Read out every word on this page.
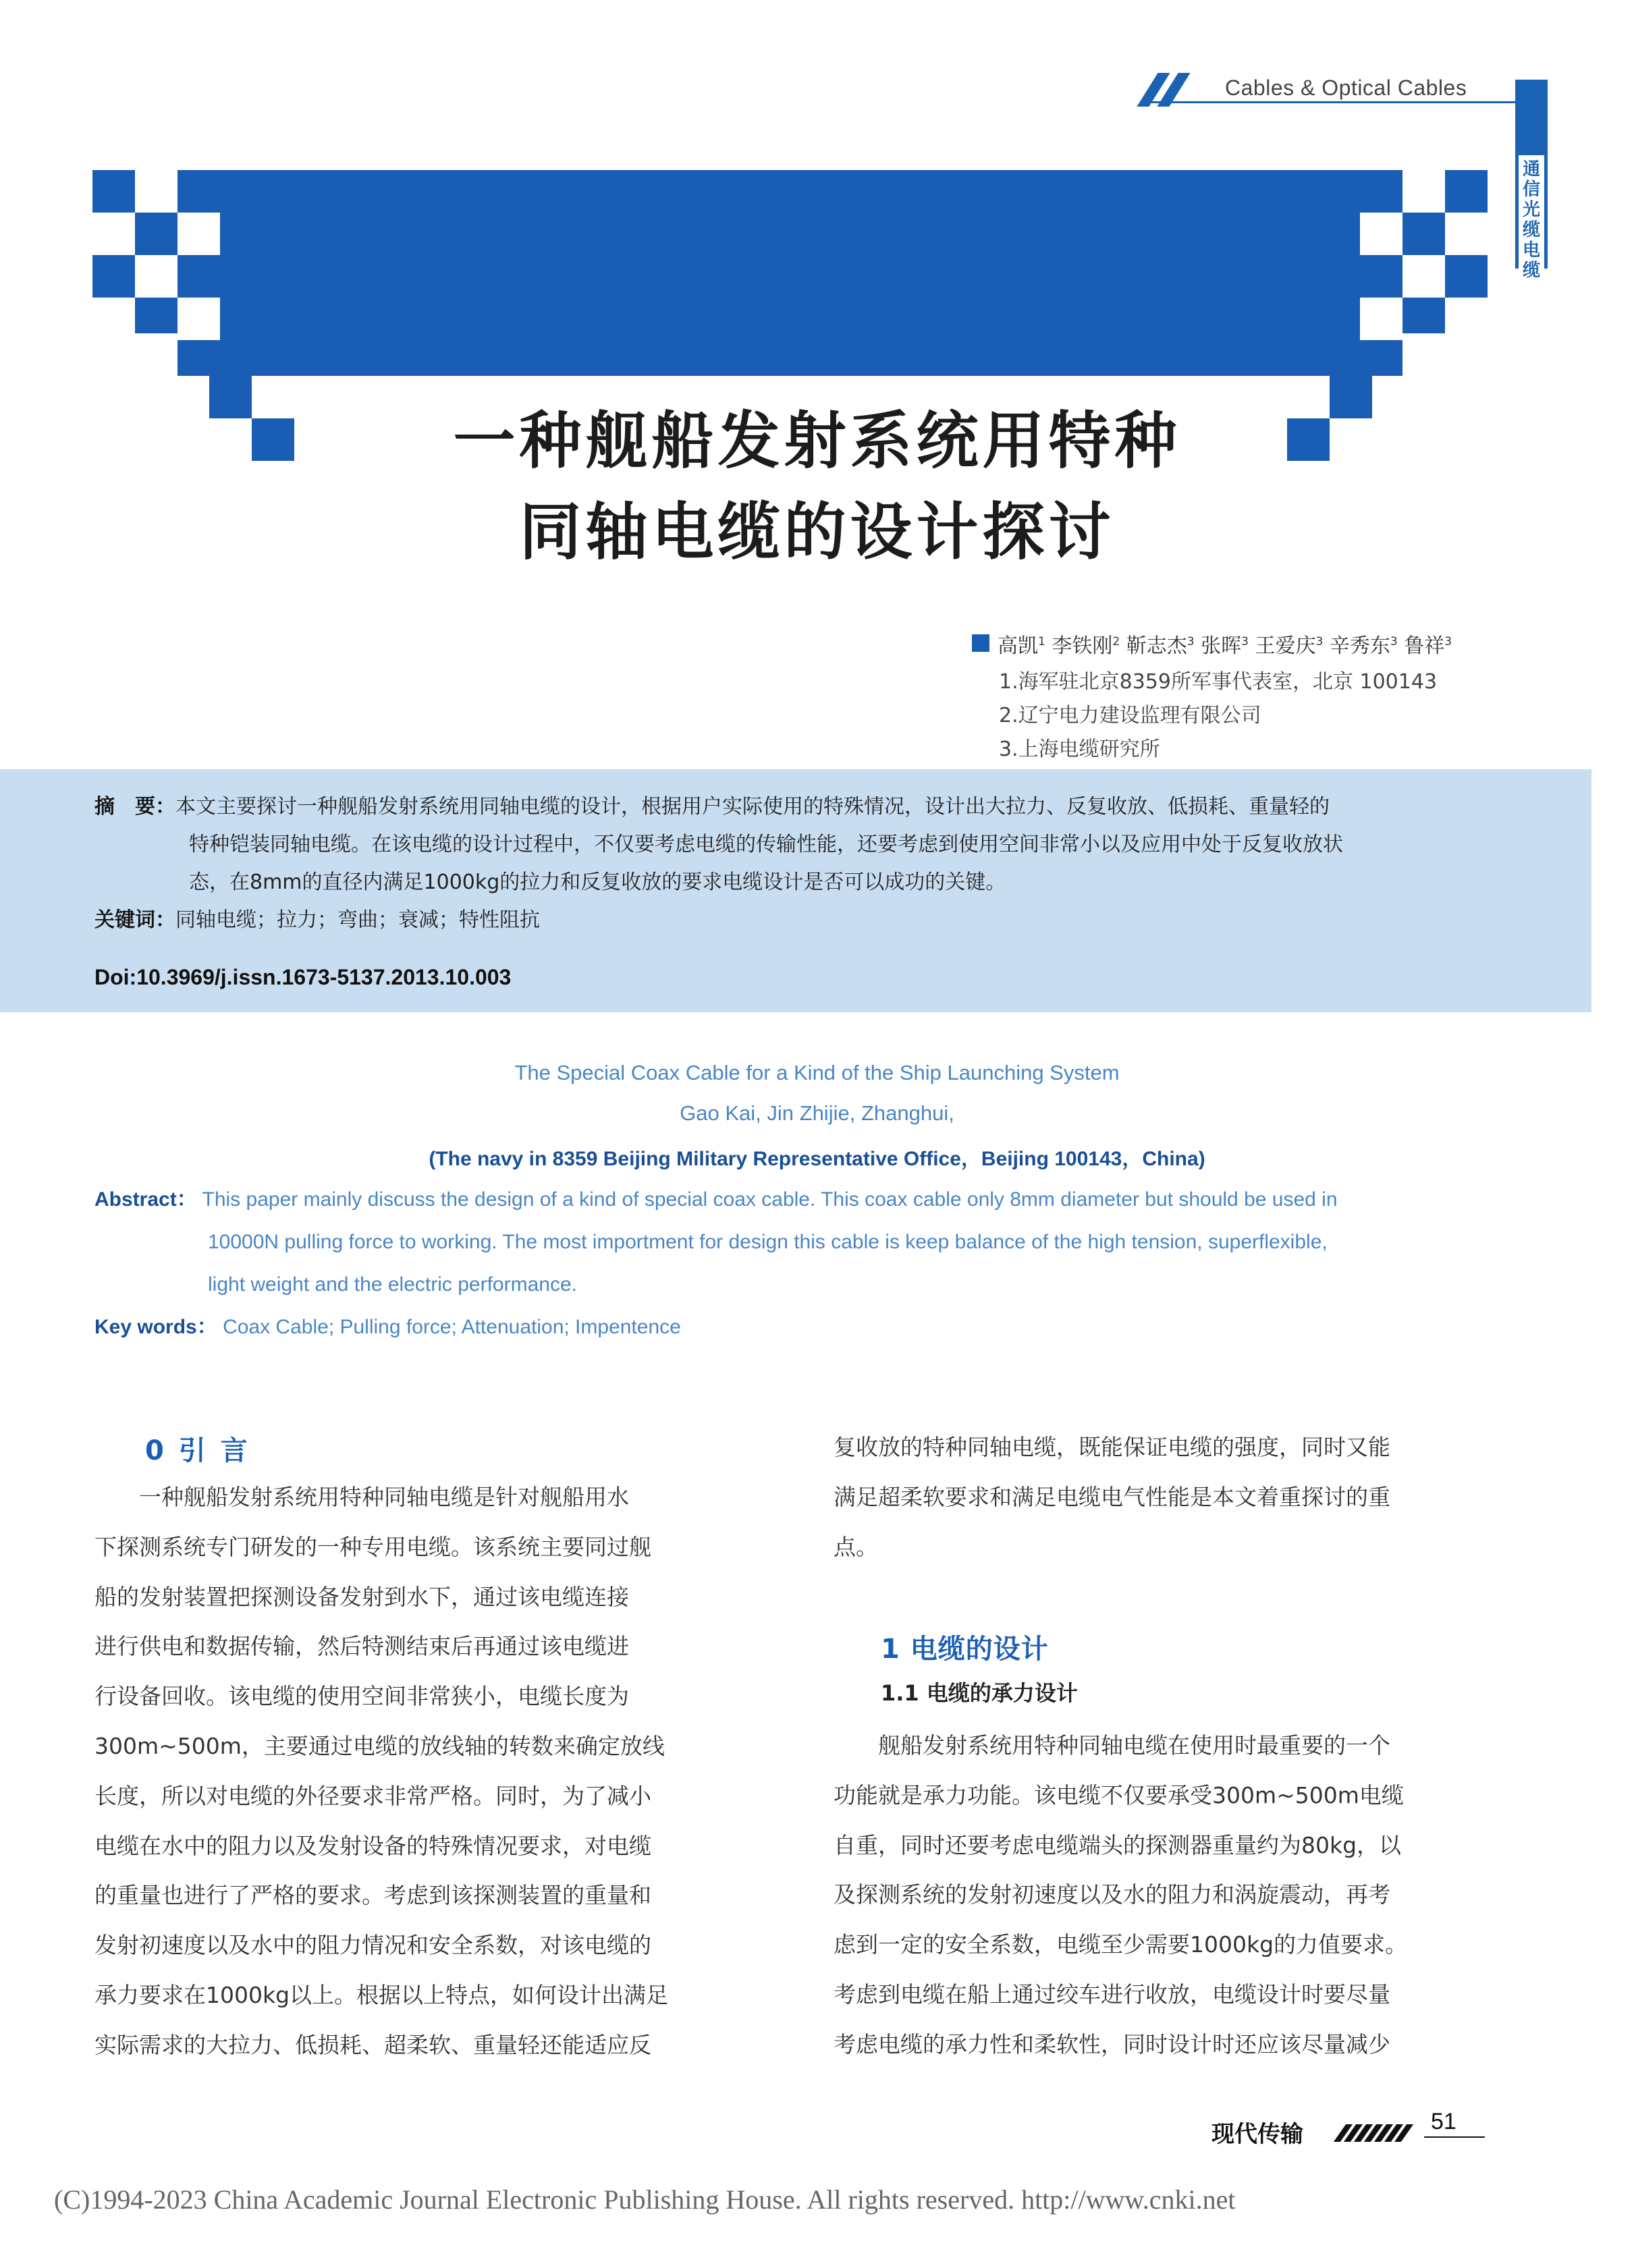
Cables & Optical Cables
通信光缆电缆
一种舰船发射系统用特种
同轴电缆的设计探讨
高凯$^1$ 李铁刚$^2$ 靳志杰$^3$ 张晖$^3$ 王爱庆$^3$ 辛秀东$^3$ 鲁祥$^3$
1.海军驻北京8359所军事代表室，北京 100143
2.辽宁电力建设监理有限公司
3.上海电缆研究所
摘　要：本文主要探讨一种舰船发射系统用同轴电缆的设计，根据用户实际使用的特殊情况，设计出大拉力、反复收放、低损耗、重量轻的
特种铠装同轴电缆。在该电缆的设计过程中，不仅要考虑电缆的传输性能，还要考虑到使用空间非常小以及应用中处于反复收放状
态，在8mm的直径内满足1000kg的拉力和反复收放的要求电缆设计是否可以成功的关键。
关键词：同轴电缆；拉力；弯曲；衰减；特性阻抗
Doi:10.3969/j.issn.1673-5137.2013.10.003
The Special Coax Cable for a Kind of the Ship Launching System
Gao Kai, Jin Zhijie, Zhanghui,
(The navy in 8359 Beijing Military Representative Office，Beijing 100143，China)
Abstract： This paper mainly discuss the design of a kind of special coax cable. This coax cable only 8mm diameter but should be used in
10000N pulling force to working. The most importment for design this cable is keep balance of the high tension, superflexible,
light weight and the electric performance.
Key words： Coax Cable; Pulling force; Attenuation; Impentence
0 引 言

　　一种舰船发射系统用特种同轴电缆是针对舰船用水

下探测系统专门研发的一种专用电缆。该系统主要同过舰

船的发射装置把探测设备发射到水下，通过该电缆连接

进行供电和数据传输，然后特测结束后再通过该电缆进

行设备回收。该电缆的使用空间非常狭小，电缆长度为

300m~500m，主要通过电缆的放线轴的转数来确定放线

长度，所以对电缆的外径要求非常严格。同时，为了减小

电缆在水中的阻力以及发射设备的特殊情况要求，对电缆

的重量也进行了严格的要求。考虑到该探测装置的重量和

发射初速度以及水中的阻力情况和安全系数，对该电缆的

承力要求在1000kg以上。根据以上特点，如何设计出满足

实际需求的大拉力、低损耗、超柔软、重量轻还能适应反

复收放的特种同轴电缆，既能保证电缆的强度，同时又能

满足超柔软要求和满足电缆电气性能是本文着重探讨的重

点。

1 电缆的设计
1.1 电缆的承力设计

　　舰船发射系统用特种同轴电缆在使用时最重要的一个

功能就是承力功能。该电缆不仅要承受300m~500m电缆

自重，同时还要考虑电缆端头的探测器重量约为80kg，以

及探测系统的发射初速度以及水的阻力和涡旋震动，再考

虑到一定的安全系数，电缆至少需要1000kg的力值要求。

考虑到电缆在船上通过绞车进行收放，电缆设计时要尽量

考虑电缆的承力性和柔软性，同时设计时还应该尽量减少

现代传输	51
(C)1994-2023 China Academic Journal Electronic Publishing House. All rights reserved. http://www.cnki.net
